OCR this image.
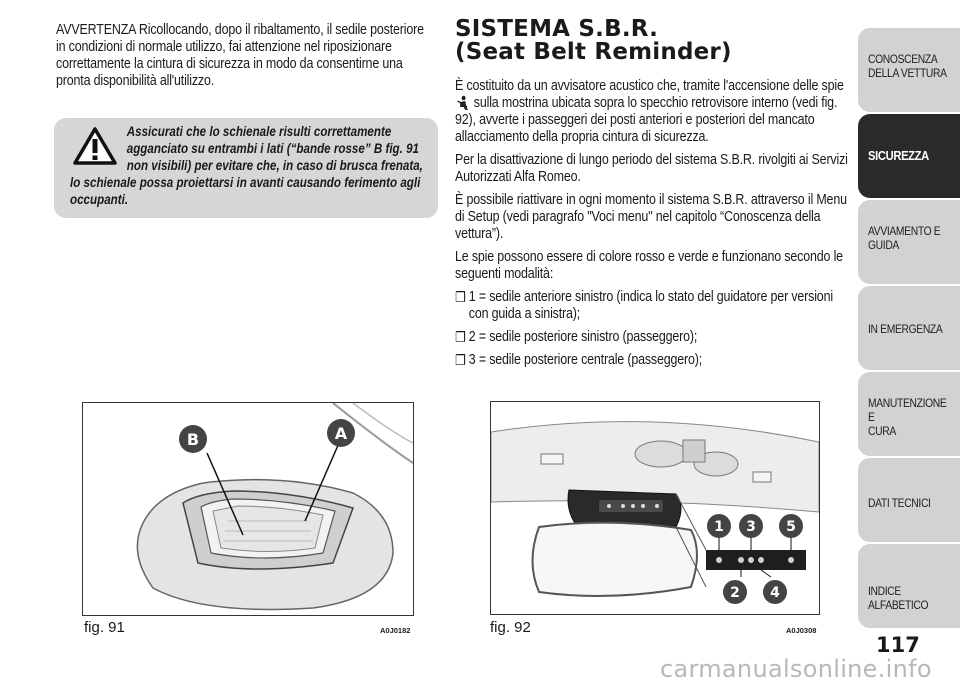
AVVERTENZA Ricollocando, dopo il ribaltamento, il sedile posteriore in condizioni di normale utilizzo, fai attenzione nel riposizionare correttamente la cintura di sicurezza in modo da consentirne una pronta disponibilità all'utilizzo.
Assicurati che lo schienale risulti correttamente
agganciato su entrambi i lati (“bande rosse” B fig. 91
non visibili) per evitare che, in caso di brusca frenata,
lo schienale possa proiettarsi in avanti causando ferimento agli
occupanti.
SISTEMA S.B.R.
(Seat Belt Reminder)

È costituito da un avvisatore acustico che, tramite l'accensione delle spie  sulla mostrina ubicata sopra lo specchio retrovisore interno (vedi fig. 92), avverte i passeggeri dei posti anteriori e posteriori del mancato allacciamento della propria cintura di sicurezza.

Per la disattivazione di lungo periodo del sistema S.B.R. rivolgiti ai Servizi Autorizzati Alfa Romeo.

È possibile riattivare in ogni momento il sistema S.B.R. attraverso il Menu di Setup (vedi paragrafo "Voci menu" nel capitolo “Conoscenza della vettura”).

Le spie possono essere di colore rosso e verde e funzionano secondo le seguenti modalità:

❒ 1 = sedile anteriore sinistro (indica lo stato del guidatore per versioni con guida a sinistra);
❒ 2 = sedile posteriore sinistro (passeggero);
❒ 3 = sedile posteriore centrale (passeggero);
B	A
fig. 91	A0J0182
1
2
3
4
5
fig. 92	A0J0308
CONOSCENZA
DELLA VETTURA
SICUREZZA
AVVIAMENTO E
GUIDA
IN EMERGENZA
MANUTENZIONE E
CURA
DATI TECNICI
INDICE ALFABETICO
117
carmanualsonline.info
